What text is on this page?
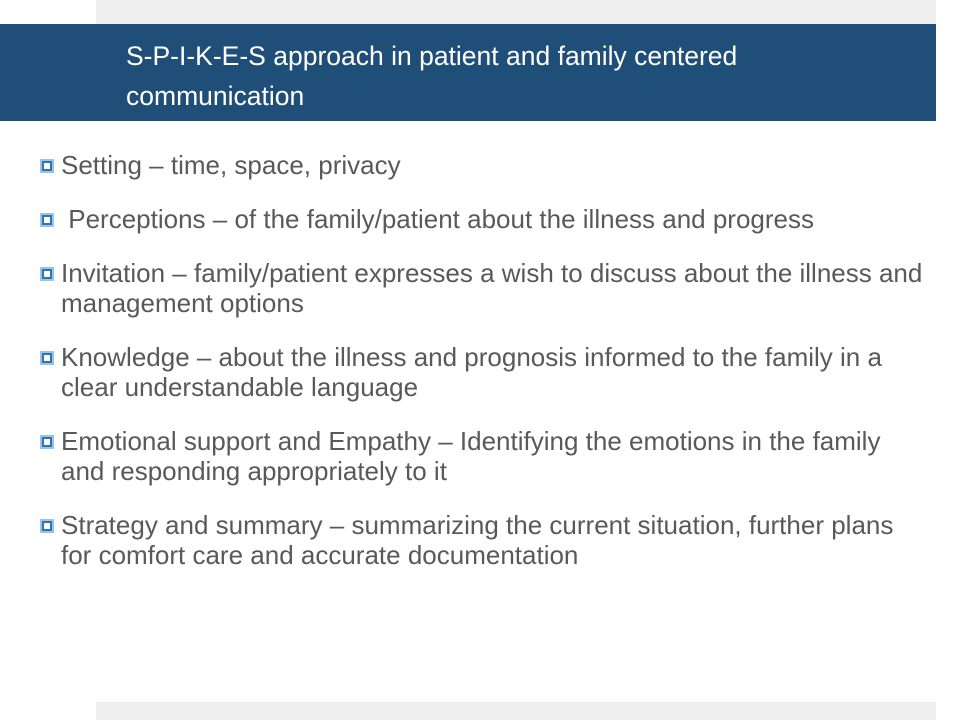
S-P-I-K-E-S approach in patient and family centered communication
Setting – time, space, privacy
Perceptions – of the family/patient about the illness and progress
Invitation – family/patient expresses a wish to discuss about the illness and management options
Knowledge – about the illness and prognosis informed to the family in a clear understandable language
Emotional support and Empathy – Identifying the emotions in the family and responding appropriately to it
Strategy and summary – summarizing the current situation, further plans for comfort care and accurate documentation
